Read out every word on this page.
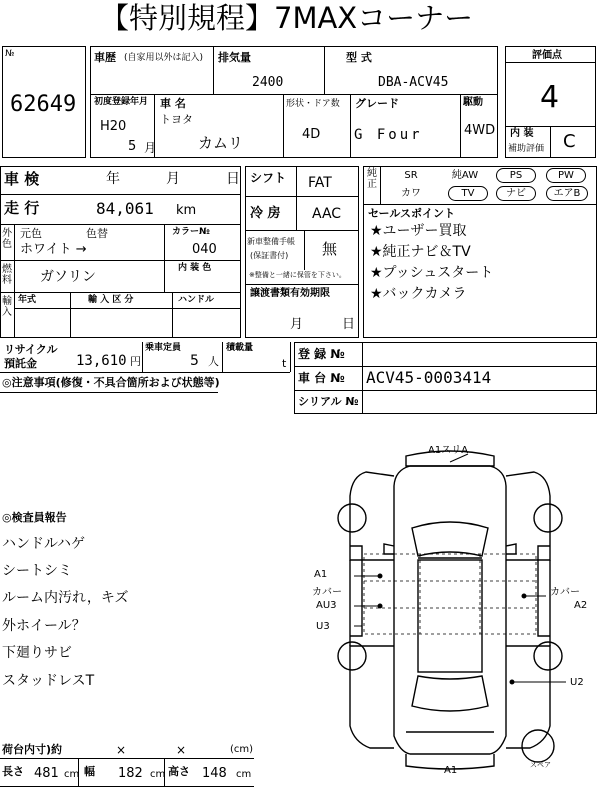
【特別規程】7MAXコーナー
№
62649
車歴 (自家用以外は記入) 排気量
2400
型 式
DBA-ACV45
初度登録年月
H20
5 月
車 名
トヨタ
カムリ
形状・ドア数
4D
グレード
G Four
駆動
4WD
評価点
4
内 装
補助評価 C
車 検	年	月	日
走 行	84,061 km
外色
元色	色替
ホワイト →
カラー№
040
燃料 ガソリン
内 装 色
輸入
年式	輸 入 区 分	ハンドル
シフト FAT
冷 房 AAC
新車整備手帳
(保証書付) 無
※整備と一緒に保管を下さい。
譲渡書類有効期限
月	日
純正
SR	純AW	PS	PW
カワ	TV	ナビ	エアB
セールスポイント
★ユーザー買取
★純正ナビ＆TV
★プッシュスタート
★バックカメラ
リサイクル
預託金	13,610 円
乗車定員
5 人
積載量
t
登 録 №
車 台 № ACV45-0003414
シリアル №
◎注意事項(修復・不具合箇所および状態等)
◎検査員報告
ハンドルハゲ
シートシミ
ルーム内汚れ，キズ
外ホイール？
下廻りサビ
スタッドレスT
A1スリA
A1
カバー
AU3
U3
カバー
A2
U2
A1	スペア
荷台内寸)約	×	×	(cm)
長さ 481 cm 幅 182 cm 高さ 148 cm
